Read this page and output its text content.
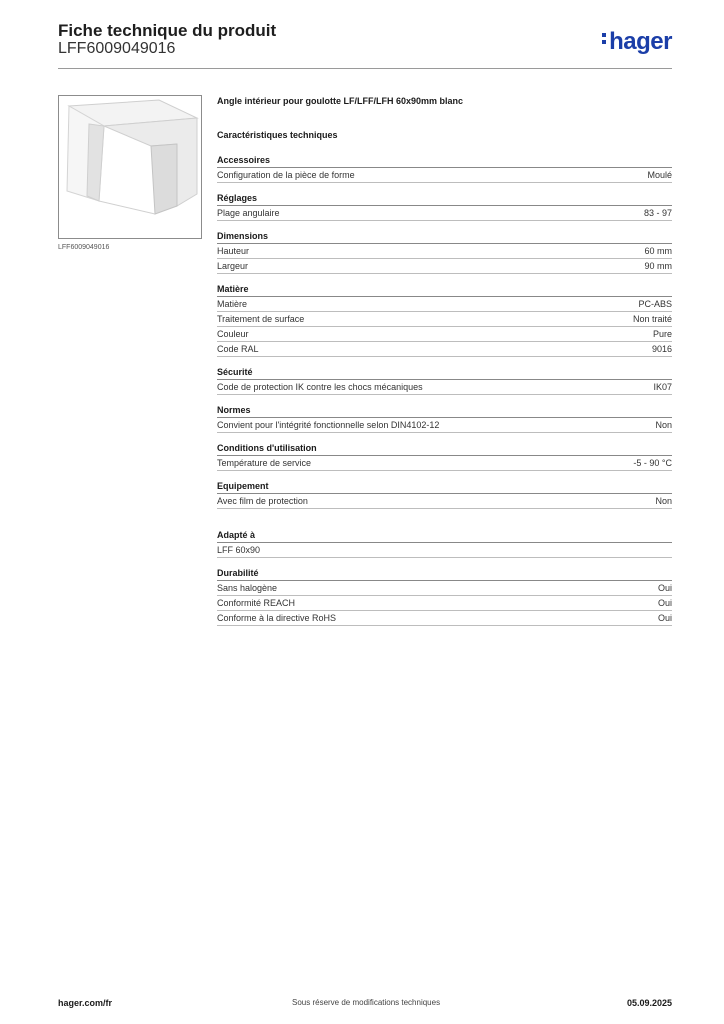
Fiche technique du produit
LFF6009049016	hager
LFF6009049016
Angle intérieur pour goulotte LF/LFF/LFH 60x90mm blanc
Caractéristiques techniques
Accessoires
Configuration de la pièce de forme	Moulé
Réglages
Plage angulaire	83 - 97
Dimensions
Hauteur	60 mm
Largeur	90 mm
Matière
Matière	PC-ABS
Traitement de surface	Non traité
Couleur	Pure
Code RAL	9016
Sécurité
Code de protection IK contre les chocs mécaniques	IK07
Normes
Convient pour l'intégrité fonctionnelle selon DIN4102-12	Non
Conditions d'utilisation
Température de service	-5 - 90 °C
Equipement
Avec film de protection	Non
Adapté à
LFF 60x90
Durabilité
Sans halogène	Oui
Conformité REACH	Oui
Conforme à la directive RoHS	Oui
hager.com/fr	Sous réserve de modifications techniques	05.09.2025
